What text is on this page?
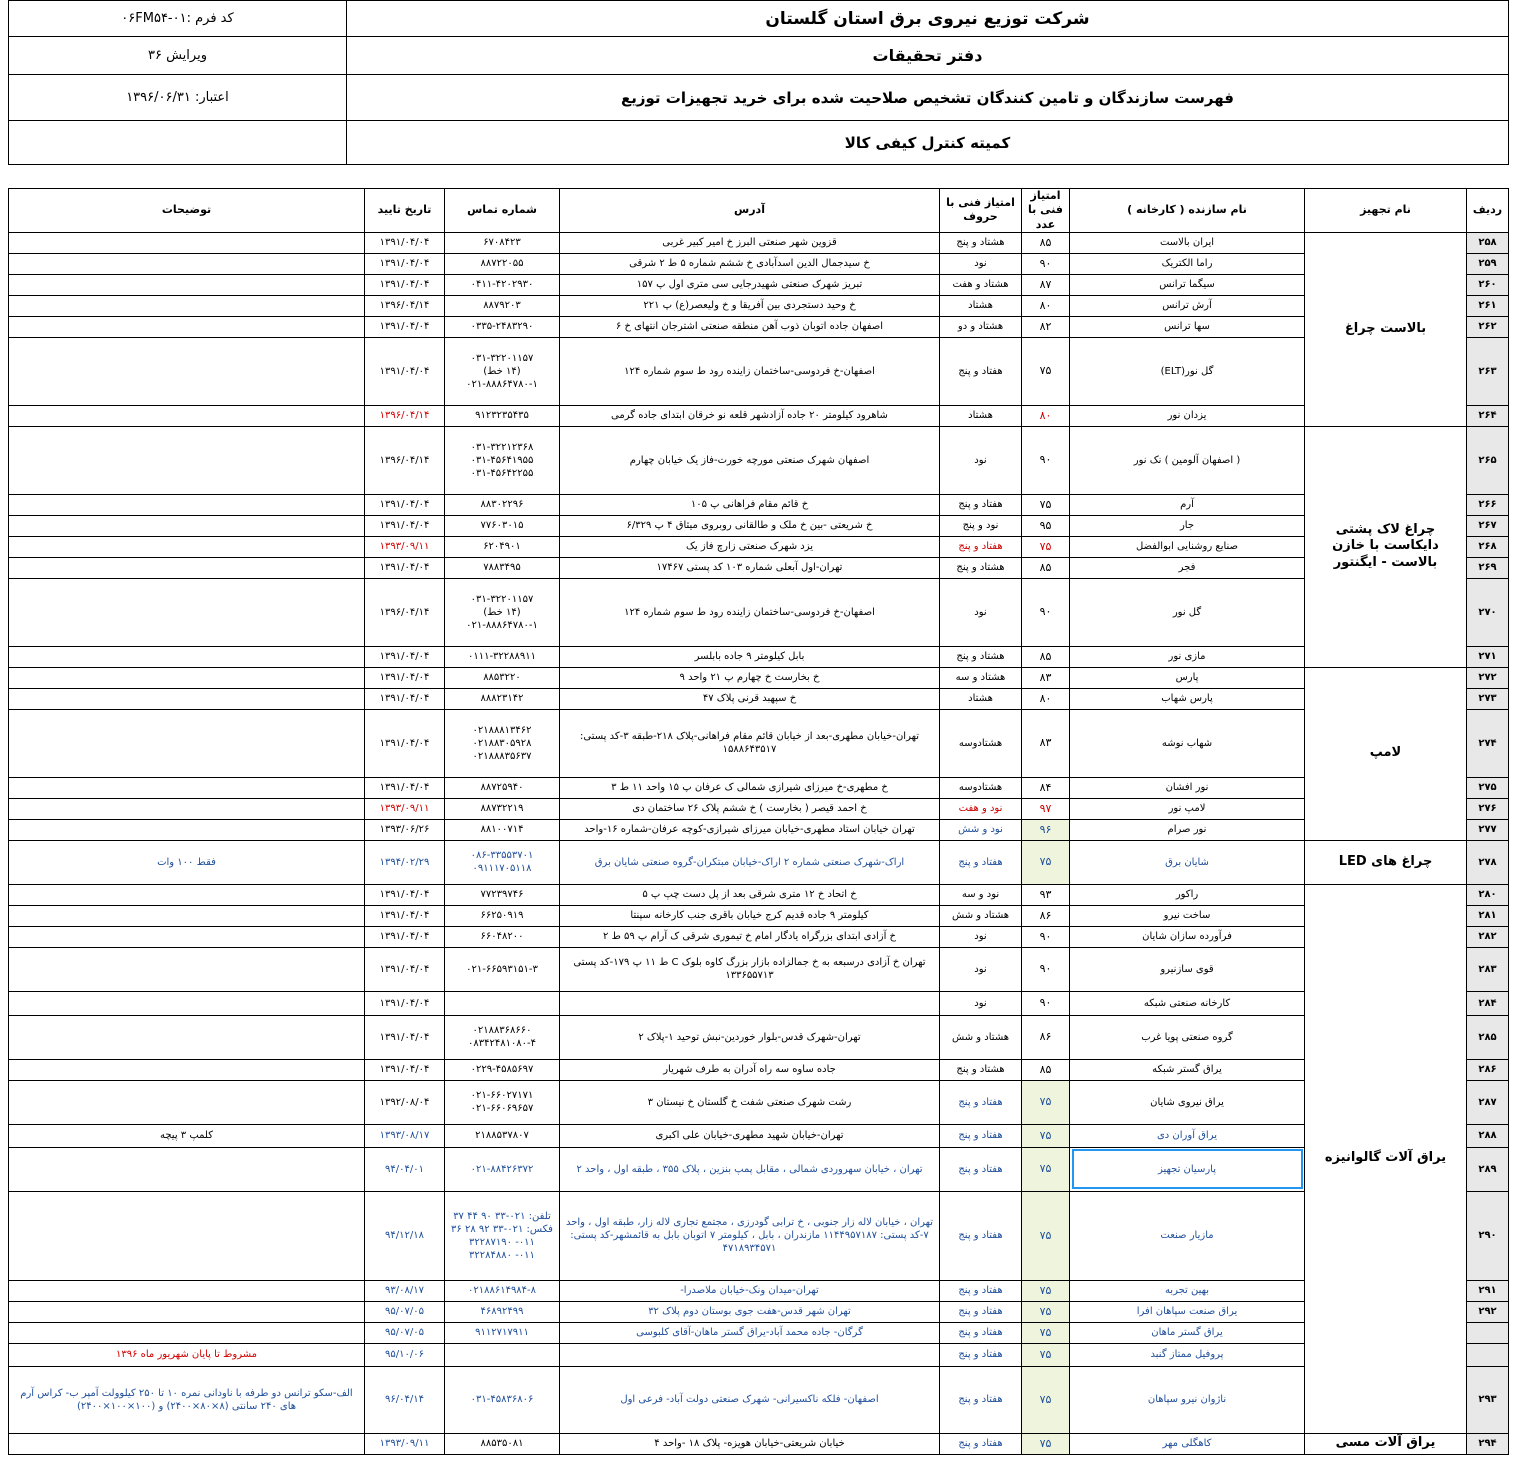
شرکت توزیع نیروی برق استان گلستان	کد فرم :۰۱-۰۶FM۵۴
دفتر تحقیقات	ویرایش ۳۶
فهرست سازندگان و تامین کنندگان تشخیص صلاحیت شده برای خرید تجهیزات توزیع	اعتبار: ۱۳۹۶/۰۶/۳۱
کمیته کنترل کیفی کالا	
ردیف	نام تجهیز	نام سازنده ( کارخانه )	امتیاز فنی با عدد	امتیاز فنی با حروف	آدرس	شماره تماس	تاریخ تایید	توضیحات
۲۵۸	بالاست چراغ	ایران بالاست	۸۵	هشتاد و پنج	قزوین شهر صنعتی البرز خ امیر کبیر غربی	۶۷۰۸۴۲۳	۱۳۹۱/۰۴/۰۴	
۲۵۹		راما الکتریک	۹۰	نود	خ سیدجمال الدین اسدآبادی خ ششم شماره ۵ ط ۲ شرقی	۸۸۷۲۲۰۵۵	۱۳۹۱/۰۴/۰۴	
۲۶۰		سیگما ترانس	۸۷	هشتاد و هفت	تبریز شهرک صنعتی شهیدرجایی سی متری اول پ ۱۵۷	۰۴۱۱-۴۲۰۲۹۳۰	۱۳۹۱/۰۴/۰۴	
۲۶۱		آرش ترانس	۸۰	هشتاد	خ وحید دستجردی بین آفریقا و خ ولیعصر(ع) پ ۲۲۱	۸۸۷۹۲۰۳	۱۳۹۶/۰۴/۱۴	
۲۶۲		سها ترانس	۸۲	هشتاد و دو	اصفهان جاده اتوبان ذوب آهن منطقه صنعتی اشترجان انتهای خ ۶	۰۳۳۵-۲۴۸۳۲۹۰	۱۳۹۱/۰۴/۰۴	
۲۶۳		گل نور(ELT)	۷۵	هفتاد و پنج	اصفهان-خ فردوسی-ساختمان زاینده رود ط سوم شماره ۱۲۴	۰۳۱-۳۲۲۰۱۱۵۷
(۱۴ خط)
۰۲۱-۸۸۸۶۴۷۸۰-۱	۱۳۹۱/۰۴/۰۴	
۲۶۴		یزدان نور	۸۰	هشتاد	شاهرود کیلومتر ۲۰ جاده آزادشهر قلعه نو خرقان ابتدای جاده گرمی	۹۱۲۳۲۳۵۴۳۵	۱۳۹۶/۰۴/۱۴	
۲۶۵	چراغ لاک پشتی دایکاست با خازن بالاست - ایگنتور	( اصفهان آلومین ) نک نور	۹۰	نود	اصفهان شهرک صنعتی مورچه خورت-فاز یک خیابان چهارم	۰۳۱-۳۲۲۱۲۳۶۸
۰۳۱-۴۵۶۴۱۹۵۵
۰۳۱-۴۵۶۴۲۲۵۵	۱۳۹۶/۰۴/۱۴	
۲۶۶		آرم	۷۵	هفتاد و پنج	خ قائم مقام فراهانی پ ۱۰۵	۸۸۳۰۲۲۹۶	۱۳۹۱/۰۴/۰۴	
۲۶۷		جار	۹۵	نود و پنج	خ شریعتی -بین خ ملک و طالقانی روبروی میثاق ۴ پ ۶/۳۲۹	۷۷۶۰۳۰۱۵	۱۳۹۱/۰۴/۰۴	
۲۶۸		صنایع روشنایی ابوالفضل	۷۵	هفتاد و پنج	یزد شهرک صنعتی زارچ فاز یک	۶۲۰۴۹۰۱	۱۳۹۳/۰۹/۱۱	
۲۶۹		فجر	۸۵	هشتاد و پنج	تهران-اول آبعلی شماره ۱۰۳ کد پستی ۱۷۴۶۷	۷۸۸۳۴۹۵	۱۳۹۱/۰۴/۰۴	
۲۷۰		گل نور	۹۰	نود	اصفهان-خ فردوسی-ساختمان زاینده رود ط سوم شماره ۱۲۴	۰۳۱-۳۲۲۰۱۱۵۷
(۱۴ خط)
۰۲۱-۸۸۸۶۴۷۸۰-۱	۱۳۹۶/۰۴/۱۴	
۲۷۱		مازی نور	۸۵	هشتاد و پنج	بابل کیلومتر ۹ جاده بابلسر	۰۱۱۱-۳۲۲۸۸۹۱۱	۱۳۹۱/۰۴/۰۴	
۲۷۲	لامپ	پارس	۸۳	هشتاد و سه	خ بخارست خ چهارم پ ۲۱ واحد ۹	۸۸۵۳۲۲۰	۱۳۹۱/۰۴/۰۴	
۲۷۳		پارس شهاب	۸۰	هشتاد	خ سپهبد قرنی پلاک ۴۷	۸۸۸۲۳۱۴۲	۱۳۹۱/۰۴/۰۴	
۲۷۴		شهاب نوشه	۸۳	هشتادوسه	تهران-خیابان مطهری-بعد از خیابان قائم مقام فراهانی-پلاک ۲۱۸-طبقه ۳-کد پستی: ۱۵۸۸۶۴۳۵۱۷	۰۲۱۸۸۸۱۳۴۶۲
۰۲۱۸۸۳۰۵۹۲۸
۰۲۱۸۸۸۳۵۶۳۷	۱۳۹۱/۰۴/۰۴	
۲۷۵		نور افشان	۸۴	هشتادوسه	خ مطهری-خ میرزای شیرازی شمالی ک عرفان پ ۱۵ واحد ۱۱ ط ۳	۸۸۷۲۵۹۴۰	۱۳۹۱/۰۴/۰۴	
۲۷۶		لامپ نور	۹۷	نود و هفت	خ احمد قیصر ( بخارست ) خ ششم پلاک ۲۶ ساختمان دی	۸۸۷۳۲۲۱۹	۱۳۹۳/۰۹/۱۱	
۲۷۷		نور صرام	۹۶	نود و شش	تهران خیابان استاد مطهری-خیابان میرزای شیرازی-کوچه عرفان-شماره ۱۶-واحد	۸۸۱۰۰۷۱۴	۱۳۹۳/۰۶/۲۶	
۲۷۸	چراغ های LED	شایان برق	۷۵	هفتاد و پنج	اراک-شهرک صنعتی شماره ۲ اراک-خیابان مبتکران-گروه صنعتی شایان برق	۰۸۶-۳۳۵۵۳۷۰۱
۰۹۱۱۱۷۰۵۱۱۸	۱۳۹۴/۰۲/۲۹	فقط ۱۰۰ وات
۲۸۰	یراق آلات گالوانیزه	راکور	۹۳	نود و سه	خ اتحاد خ ۱۲ متری شرقی بعد از پل دست چپ پ ۵	۷۷۲۳۹۷۴۶	۱۳۹۱/۰۴/۰۴	
۲۸۱		ساخت نیرو	۸۶	هشتاد و شش	کیلومتر ۹ جاده قدیم کرج خیابان باقری جنب کارخانه سپنتا	۶۶۲۵۰۹۱۹	۱۳۹۱/۰۴/۰۴	
۲۸۲		فرآورده سازان شایان	۹۰	نود	خ آزادی ابتدای بزرگراه یادگار امام خ تیموری شرقی ک آرام پ ۵۹ ط ۲	۶۶۰۴۸۲۰۰	۱۳۹۱/۰۴/۰۴	
۲۸۳		قوی سازنیرو	۹۰	نود	تهران خ آزادی درسبعه به خ جمالزاده بازار بزرگ کاوه بلوک C ط ۱۱ پ ۱۷۹-کد پستی ۱۳۳۶۵۵۷۱۳	۰۲۱-۶۶۵۹۳۱۵۱-۳	۱۳۹۱/۰۴/۰۴	
۲۸۴		کارخانه صنعتی شبکه	۹۰	نود			۱۳۹۱/۰۴/۰۴	
۲۸۵		گروه صنعتی پویا غرب	۸۶	هشتاد و شش	تهران-شهرک قدس-بلوار خوردین-نبش توحید ۱-پلاک ۲	۰۲۱۸۸۳۶۸۶۶۰
۰۸۳۴۲۴۸۱۰۸۰-۴	۱۳۹۱/۰۴/۰۴	
۲۸۶		یراق گستر شبکه	۸۵	هشتاد و پنج	جاده ساوه سه راه آدران به طرف شهریار	۰۲۲۹-۴۵۸۵۶۹۷	۱۳۹۱/۰۴/۰۴	
۲۸۷		یراق نیروی شایان	۷۵	هفتاد و پنج	رشت شهرک صنعتی شفت خ گلستان خ نیستان ۳	۰۲۱-۶۶۰۲۷۱۷۱
۰۲۱-۶۶۰۶۹۶۵۷	۱۳۹۲/۰۸/۰۴	
۲۸۸		یراق آوران دی	۷۵	هفتاد و پنج	تهران-خیابان شهید مطهری-خیابان علی اکبری	۲۱۸۸۵۳۷۸۰۷	۱۳۹۳/۰۸/۱۷	کلمپ ۳ پیچه
۲۸۹		پارسیان تجهیز	۷۵	هفتاد و پنج	تهران ، خیابان سهروردی شمالی ، مقابل پمپ بنزین ، پلاک ۳۵۵ ، طبقه اول ، واحد ۲	۰۲۱-۸۸۴۲۶۳۷۲	۹۴/۰۴/۰۱	
۲۹۰		مازیار صنعت	۷۵	هفتاد و پنج	تهران ، خیابان لاله زار جنوبی ، خ ترابی گودرزی ، مجتمع تجاری لاله زار، طبقه اول ، واحد ۷-کد پستی: ۱۱۴۴۹۵۷۱۸۷ مازندران ، بابل ، کیلومتر ۷ اتوبان بابل به قائمشهر-کد پستی: ۴۷۱۸۹۳۴۵۷۱	تلفن: ۰۲۱-۳۳ ۹۰ ۴۴ ۳۷
فکس: ۰۲۱-۳۳ ۹۲ ۲۸ ۳۶
۰۱۱- ۳۲۲۸۷۱۹۰
۰۱۱- ۳۲۲۸۴۸۸۰	۹۴/۱۲/۱۸	
۲۹۱		بهین تجربه	۷۵	هفتاد و پنج	تهران-میدان ونک-خیابان ملاصدرا-	۰۲۱۸۸۶۱۴۹۸۴-۸	۹۳/۰۸/۱۷	
۲۹۲		یراق صنعت سپاهان افرا	۷۵	هفتاد و پنج	تهران شهر قدس-هفت جوی بوستان دوم پلاک ۳۲	۴۶۸۹۲۴۹۹	۹۵/۰۷/۰۵	
		یراق گستر ماهان	۷۵	هفتاد و پنج	گرگان- جاده محمد آباد-یراق گستر ماهان-آقای کلبوسی	۹۱۱۲۷۱۷۹۱۱	۹۵/۰۷/۰۵	
		پروفیل ممتاز گنبد	۷۵	هفتاد و پنج			۹۵/۱۰/۰۶	مشروط تا پایان شهریور ماه ۱۳۹۶
۲۹۳		ناژوان نیرو سپاهان	۷۵	هفتاد و پنج	اصفهان- فلکه ناکسیرانی- شهرک صنعتی دولت آباد- فرعی اول	۰۳۱-۴۵۸۳۶۸۰۶	۹۶/۰۴/۱۴	الف-سکو ترانس دو طرفه با ناودانی نمره ۱۰ تا ۲۵۰ کیلوولت آمپر ب- کراس آرم های ۲۴۰ سانتی (۸×۸۰×۲۴۰۰) و (۱۰۰×۱۰۰×۲۴۰۰)
۲۹۴	یراق آلات مسی	کاهگلی مهر	۷۵	هفتاد و پنج	خیابان شریعتی-خیابان هویزه- پلاک ۱۸ -واحد ۴	۸۸۵۳۵۰۸۱	۱۳۹۳/۰۹/۱۱	
